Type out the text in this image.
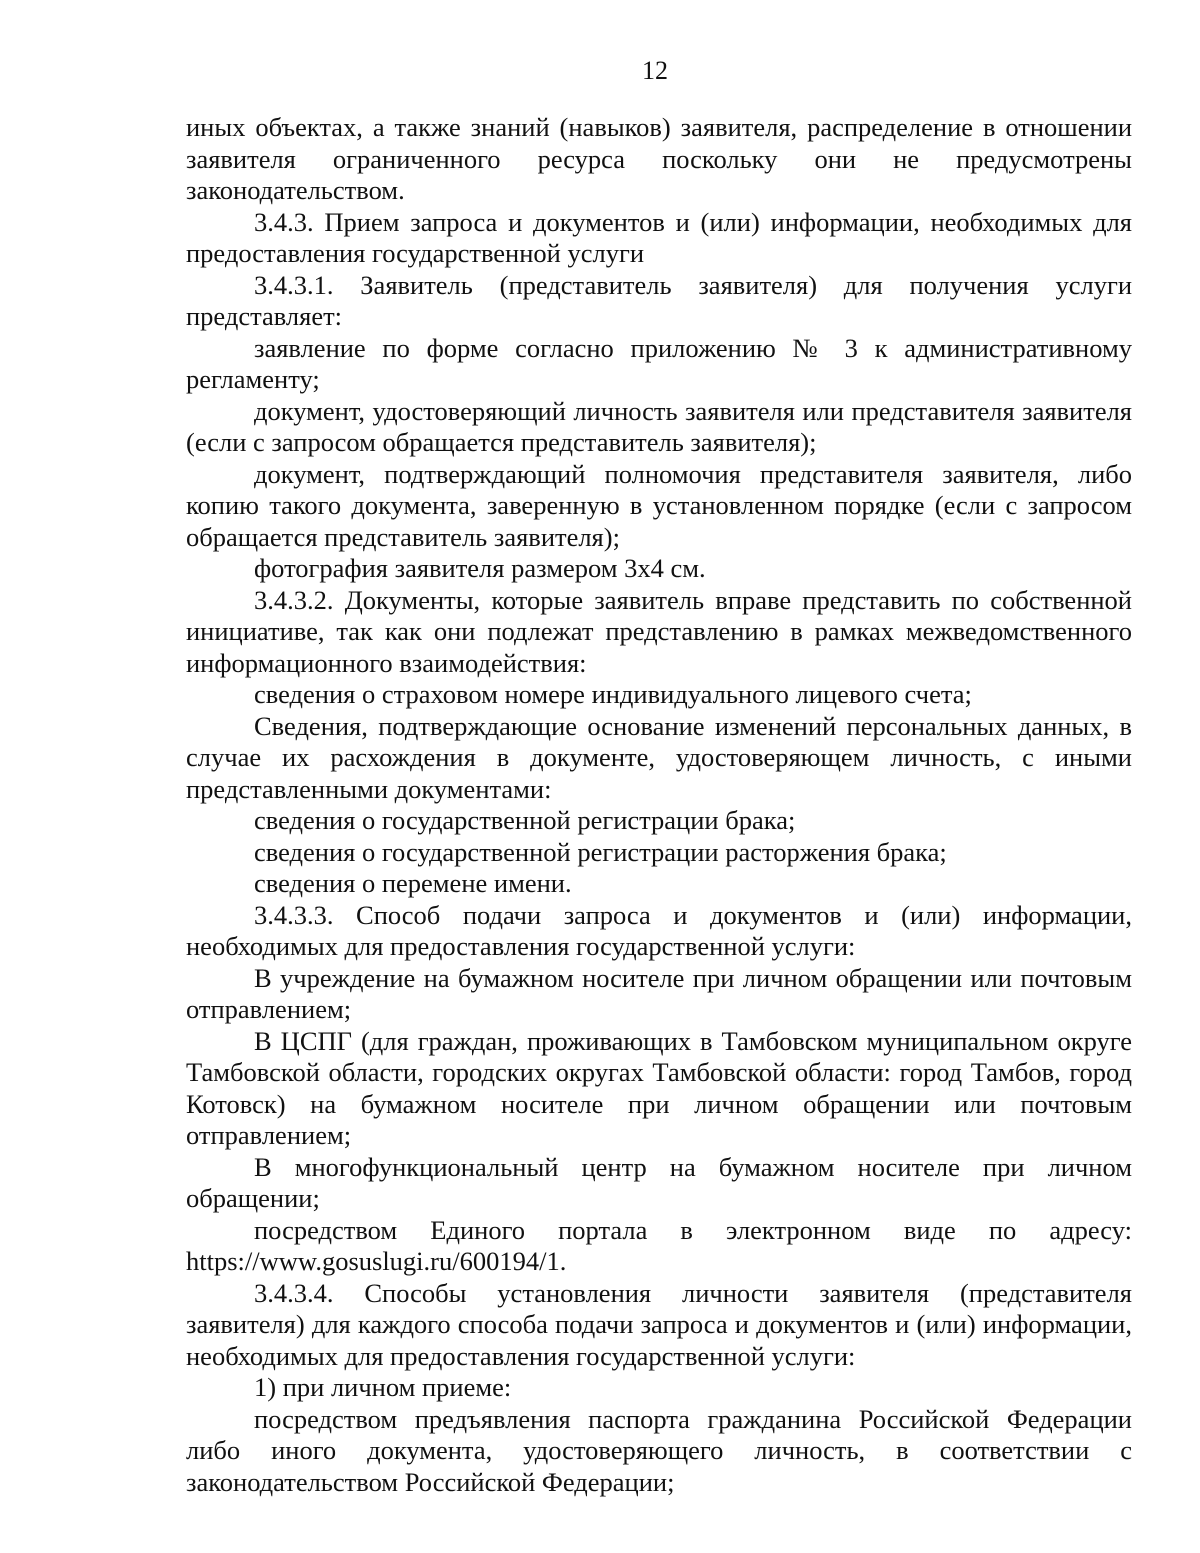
12

иных объектах, а также знаний (навыков) заявителя, распределение в отношении заявителя ограниченного ресурса поскольку они не предусмотрены законодательством.

3.4.3. Прием запроса и документов и (или) информации, необходимых для предоставления государственной услуги

3.4.3.1. Заявитель (представитель заявителя) для получения услуги представляет:

заявление по форме согласно приложению № 3 к административному регламенту;

документ, удостоверяющий личность заявителя или представителя заявителя (если с запросом обращается представитель заявителя);

документ, подтверждающий полномочия представителя заявителя, либо копию такого документа, заверенную в установленном порядке (если с запросом обращается представитель заявителя);

фотография заявителя размером 3х4 см.

3.4.3.2. Документы, которые заявитель вправе представить по собственной инициативе, так как они подлежат представлению в рамках межведомственного информационного взаимодействия:

сведения о страховом номере индивидуального лицевого счета;

Сведения, подтверждающие основание изменений персональных данных, в случае их расхождения в документе, удостоверяющем личность, с иными представленными документами:

сведения о государственной регистрации брака;

сведения о государственной регистрации расторжения брака;

сведения о перемене имени.

3.4.3.3. Способ подачи запроса и документов и (или) информации, необходимых для предоставления государственной услуги:

В учреждение на бумажном носителе при личном обращении или почтовым отправлением;

В ЦСПГ (для граждан, проживающих в Тамбовском муниципальном округе Тамбовской области, городских округах Тамбовской области: город Тамбов, город Котовск) на бумажном носителе при личном обращении или почтовым отправлением;

В многофункциональный центр на бумажном носителе при личном обращении;

посредством Единого портала в электронном виде по адресу: https://www.gosuslugi.ru/600194/1.

3.4.3.4. Способы установления личности заявителя (представителя заявителя) для каждого способа подачи запроса и документов и (или) информации, необходимых для предоставления государственной услуги:

1) при личном приеме:

посредством предъявления паспорта гражданина Российской Федерации либо иного документа, удостоверяющего личность, в соответствии с законодательством Российской Федерации;
